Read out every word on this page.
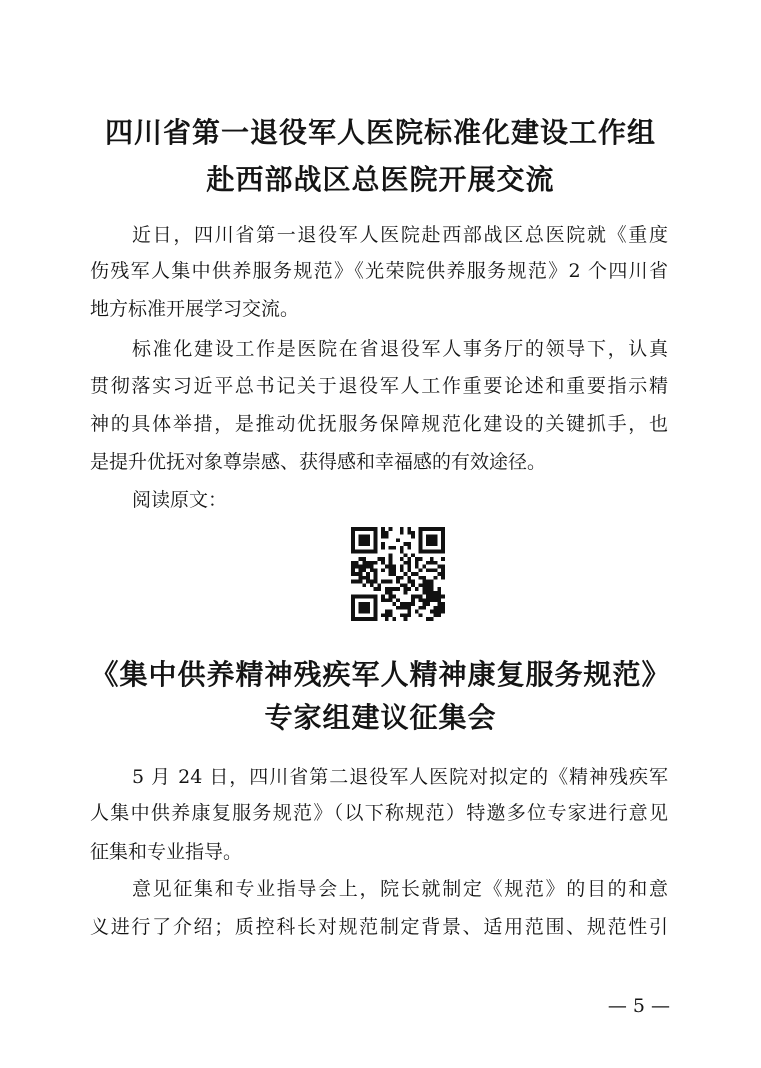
四川省第一退役军人医院标准化建设工作组
赴西部战区总医院开展交流
近日，四川省第一退役军人医院赴西部战区总医院就《重度
伤残军人集中供养服务规范》《光荣院供养服务规范》2 个四川省
地方标准开展学习交流。
标准化建设工作是医院在省退役军人事务厅的领导下，认真
贯彻落实习近平总书记关于退役军人工作重要论述和重要指示精
神的具体举措，是推动优抚服务保障规范化建设的关键抓手，也
是提升优抚对象尊崇感、获得感和幸福感的有效途径。
阅读原文：
《集中供养精神残疾军人精神康复服务规范》
专家组建议征集会
5 月 24 日，四川省第二退役军人医院对拟定的《精神残疾军
人集中供养康复服务规范》（以下称规范）特邀多位专家进行意见
征集和专业指导。
意见征集和专业指导会上，院长就制定《规范》的目的和意
义进行了介绍；质控科长对规范制定背景、适用范围、规范性引
— 5 —
